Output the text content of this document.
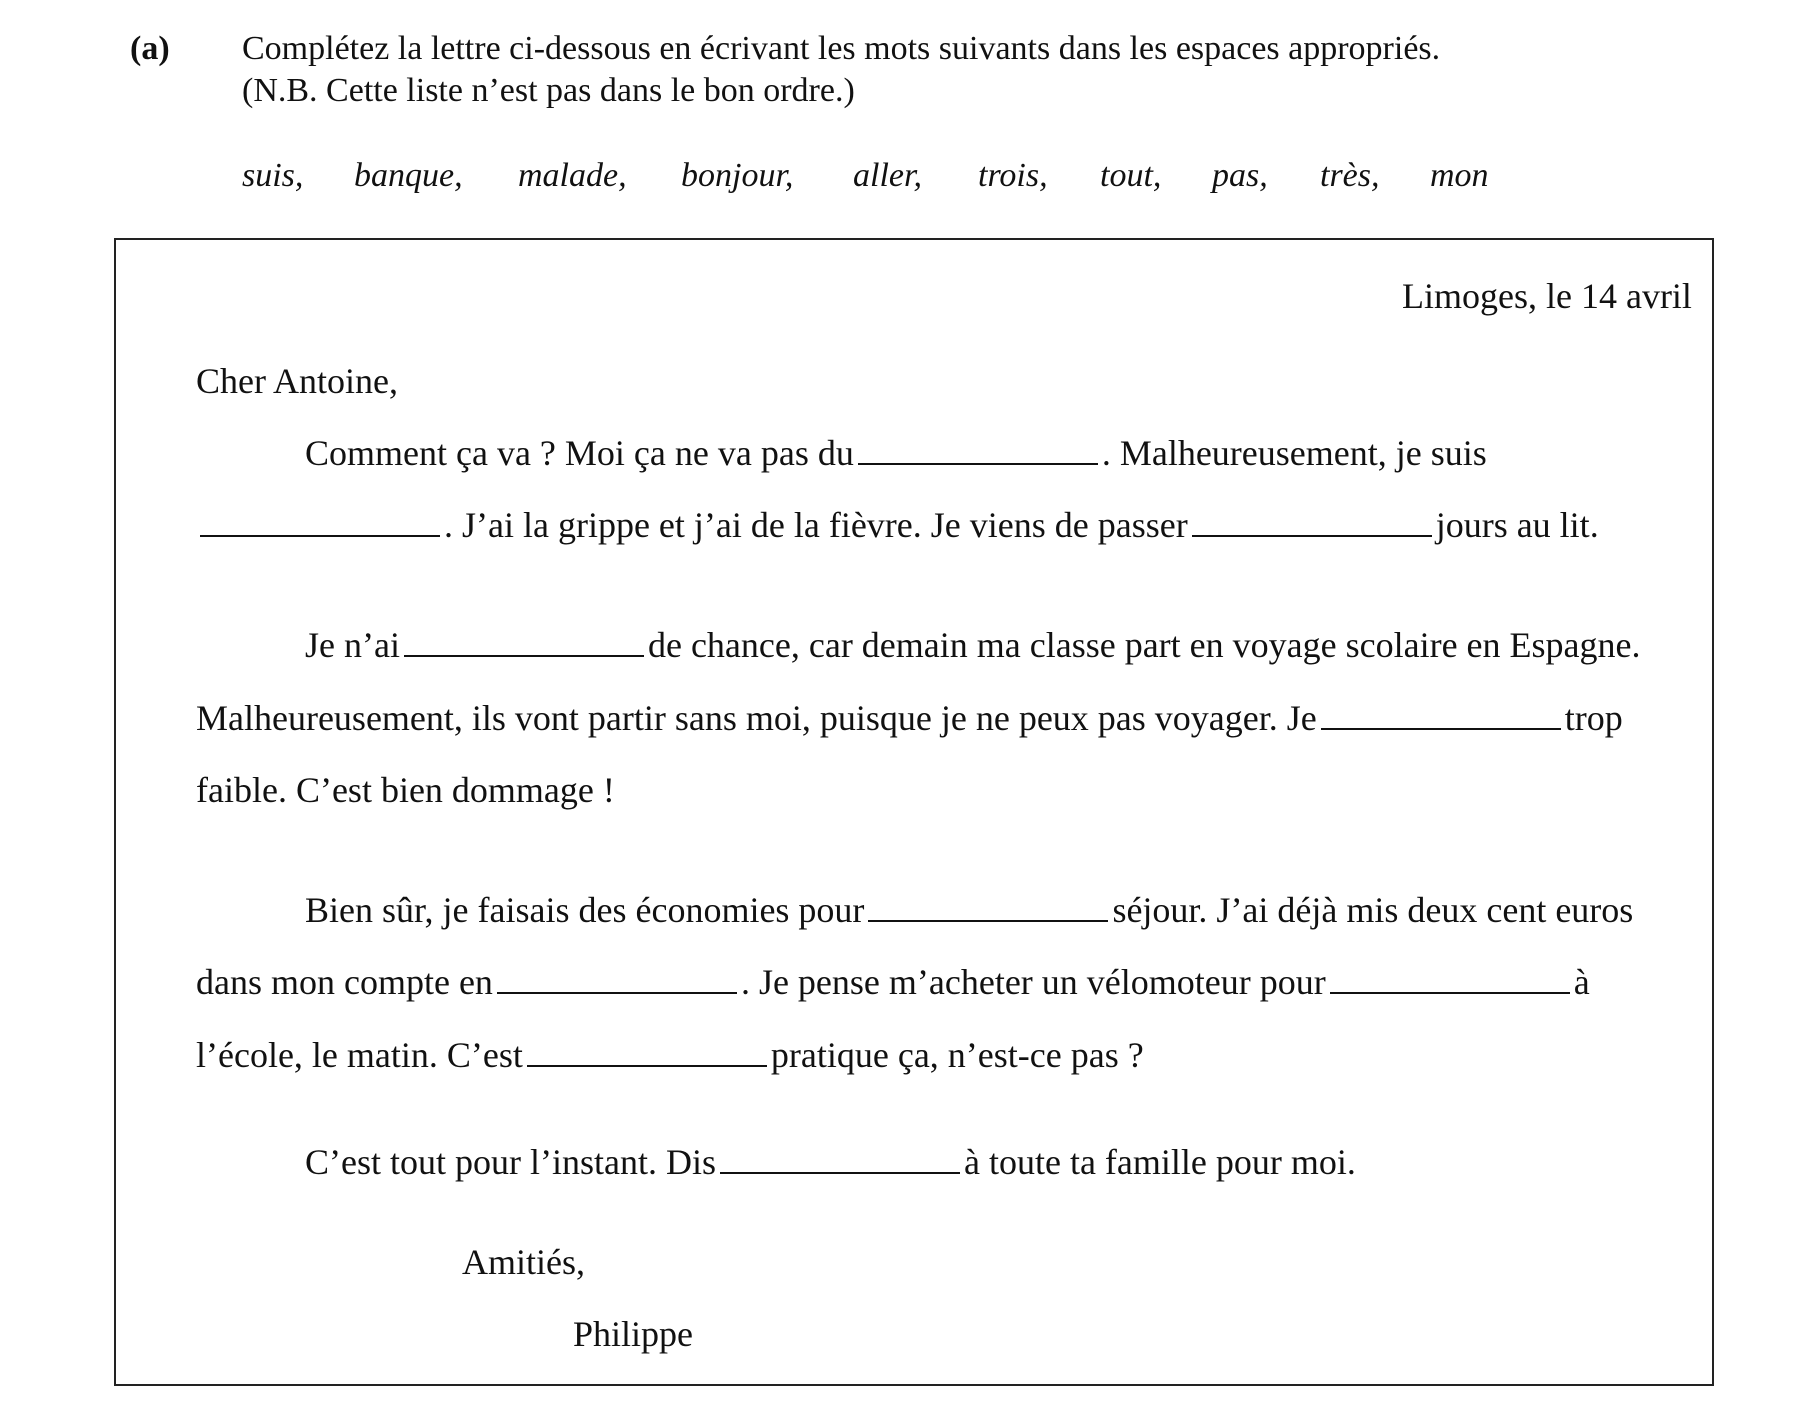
(a) Complétez la lettre ci-dessous en écrivant les mots suivants dans les espaces appropriés.
(N.B. Cette liste n’est pas dans le bon ordre.)
suis, banque, malade, bonjour, aller, trois, tout, pas, très, mon
Limoges, le 14 avril
Cher Antoine,
Comment ça va ? Moi ça ne va pas du	. Malheureusement, je suis
. J’ai la grippe et j’ai de la fièvre. Je viens de passer	jours au lit.
Je n’ai	de chance, car demain ma classe part en voyage scolaire en Espagne.
Malheureusement, ils vont partir sans moi, puisque je ne peux pas voyager. Je	trop
faible. C’est bien dommage !
Bien sûr, je faisais des économies pour	séjour. J’ai déjà mis deux cent euros
dans mon compte en	. Je pense m’acheter un vélomoteur pour	à
l’école, le matin. C’est	pratique ça, n’est-ce pas ?
C’est tout pour l’instant. Dis	à toute ta famille pour moi.
Amitiés,
Philippe
